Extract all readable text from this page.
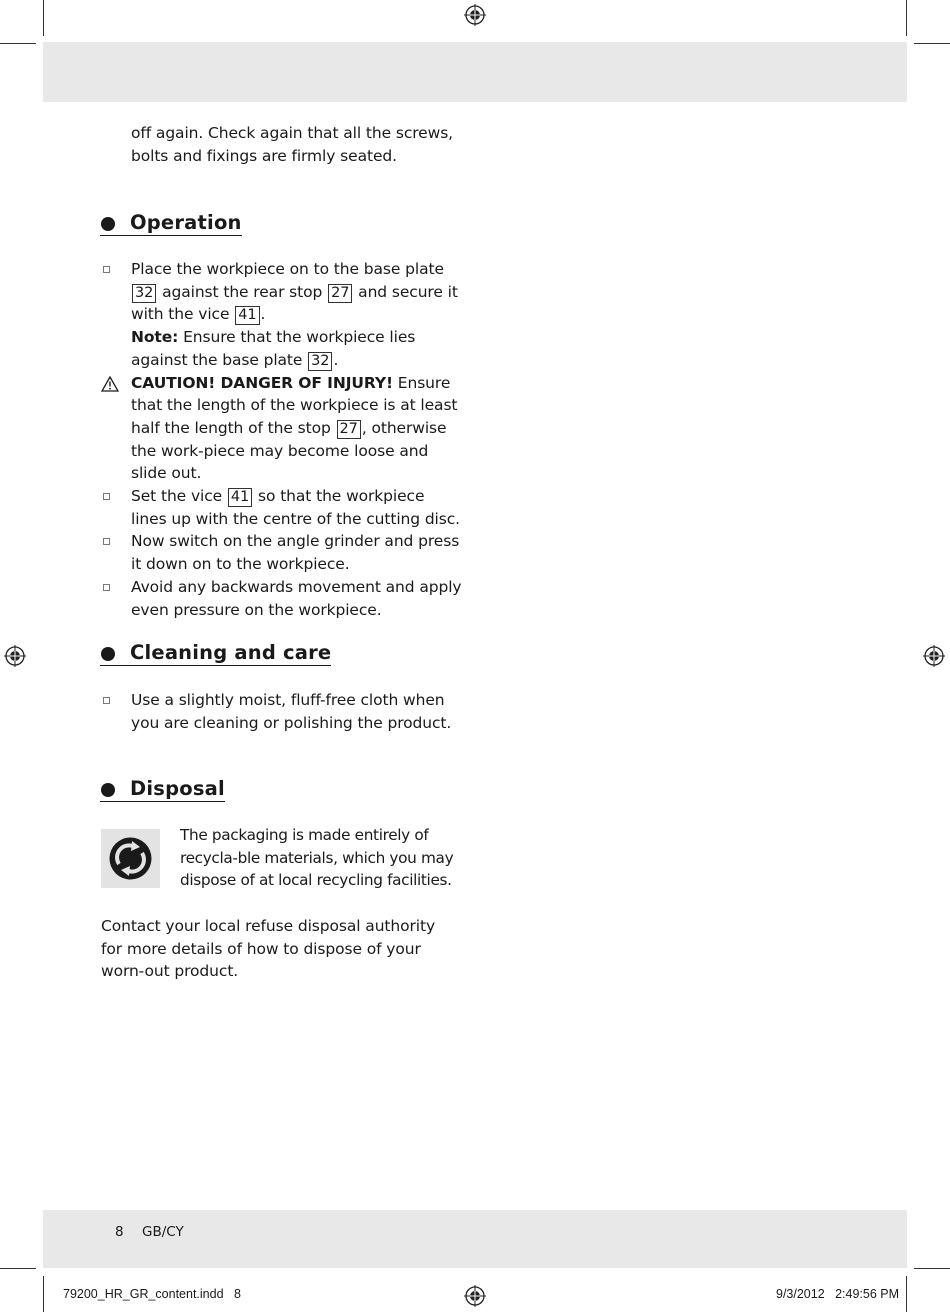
off again. Check again that all the screws,

bolts and fixings are firmly seated.

Operation
Place the workpiece on to the base plate 32 against the rear stop 27 and secure it with the vice 41 .
Note: Ensure that the workpiece lies against the base plate 32 .
CAUTION! DANGER OF INJURY! Ensure that the length of the workpiece is at least half the length of the stop 27 , otherwise the work-piece may become loose and slide out.
Set the vice 41 so that the workpiece lines up with the centre of the cutting disc.
Now switch on the angle grinder and press it down on to the workpiece.
Avoid any backwards movement and apply even pressure on the workpiece.
Cleaning and care
Use a slightly moist, fluff-free cloth when you are cleaning or polishing the product.
Disposal
The packaging is made entirely of recycla-ble materials, which you may dispose of at local recycling facilities.
Contact your local refuse disposal authority for more details of how to dispose of your worn-out product.
8 GB/CY
79200_HR_GR_content.indd   8	9/3/2012   2:49:56 PM
